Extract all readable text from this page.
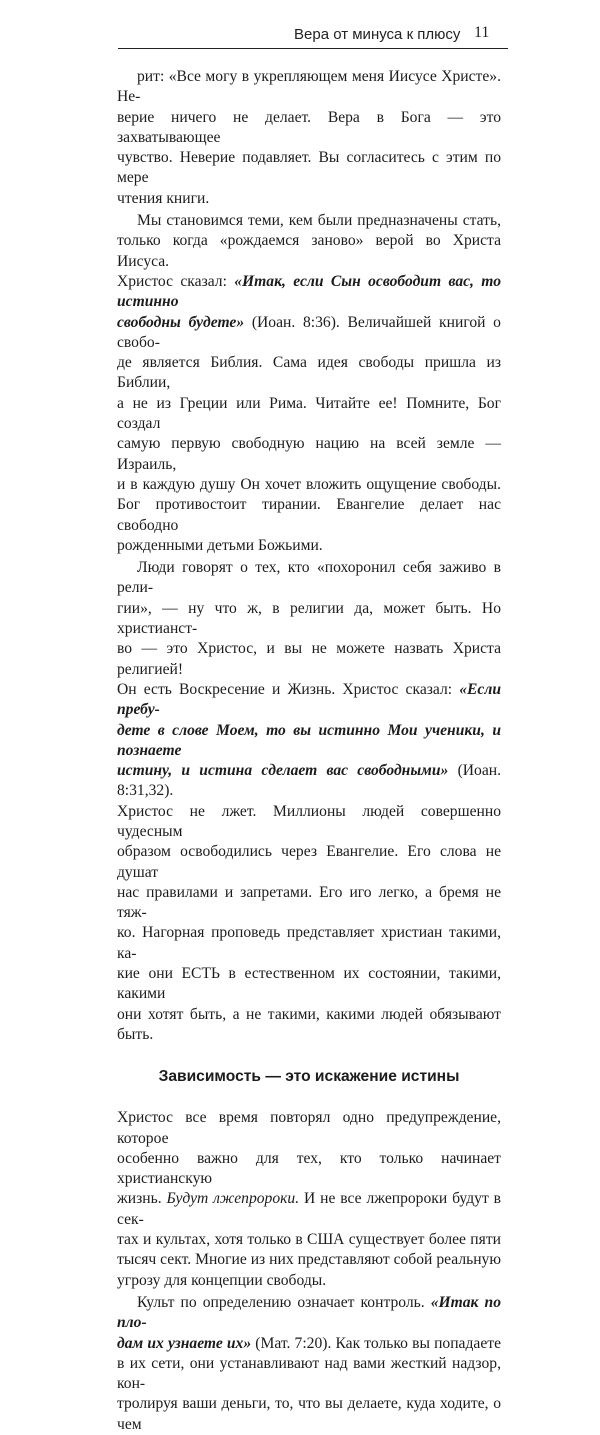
Вера от минуса к плюсу 11
рит: «Все могу в укрепляющем меня Иисусе Христе». Не-
верие ничего не делает. Вера в Бога — это захватывающее
чувство. Неверие подавляет. Вы согласитесь с этим по мере
чтения книги.
Мы становимся теми, кем были предназначены стать,
только когда «рождаемся заново» верой во Христа Иисуса.
Христос сказал: «Итак, если Сын освободит вас, то истинно
свободны будете» (Иоан. 8:36). Величайшей книгой о свобо-
де является Библия. Сама идея свободы пришла из Библии,
а не из Греции или Рима. Читайте ее! Помните, Бог создал
самую первую свободную нацию на всей земле — Израиль,
и в каждую душу Он хочет вложить ощущение свободы.
Бог противостоит тирании. Евангелие делает нас свободно
рожденными детьми Божьими.
Люди говорят о тех, кто «похоронил себя заживо в рели-
гии», — ну что ж, в религии да, может быть. Но христианст-
во — это Христос, и вы не можете назвать Христа религией!
Он есть Воскресение и Жизнь. Христос сказал: «Если пребу-
дете в слове Моем, то вы истинно Мои ученики, и познаете
истину, и истина сделает вас свободными» (Иоан. 8:31,32).
Христос не лжет. Миллионы людей совершенно чудесным
образом освободились через Евангелие. Его слова не душат
нас правилами и запретами. Его иго легко, а бремя не тяж-
ко. Нагорная проповедь представляет христиан такими, ка-
кие они ЕСТЬ в естественном их состоянии, такими, какими
они хотят быть, а не такими, какими людей обязывают быть.
Зависимость — это искажение истины
Христос все время повторял одно предупреждение, которое
особенно важно для тех, кто только начинает христианскую
жизнь. Будут лжепророки. И не все лжепророки будут в сек-
тах и культах, хотя только в США существует более пяти
тысяч сект. Многие из них представляют собой реальную
угрозу для концепции свободы.
Культ по определению означает контроль. «Итак по пло-
дам их узнаете их» (Мат. 7:20). Как только вы попадаете
в их сети, они устанавливают над вами жесткий надзор, кон-
тролируя ваши деньги, то, что вы делаете, куда ходите, о чем
